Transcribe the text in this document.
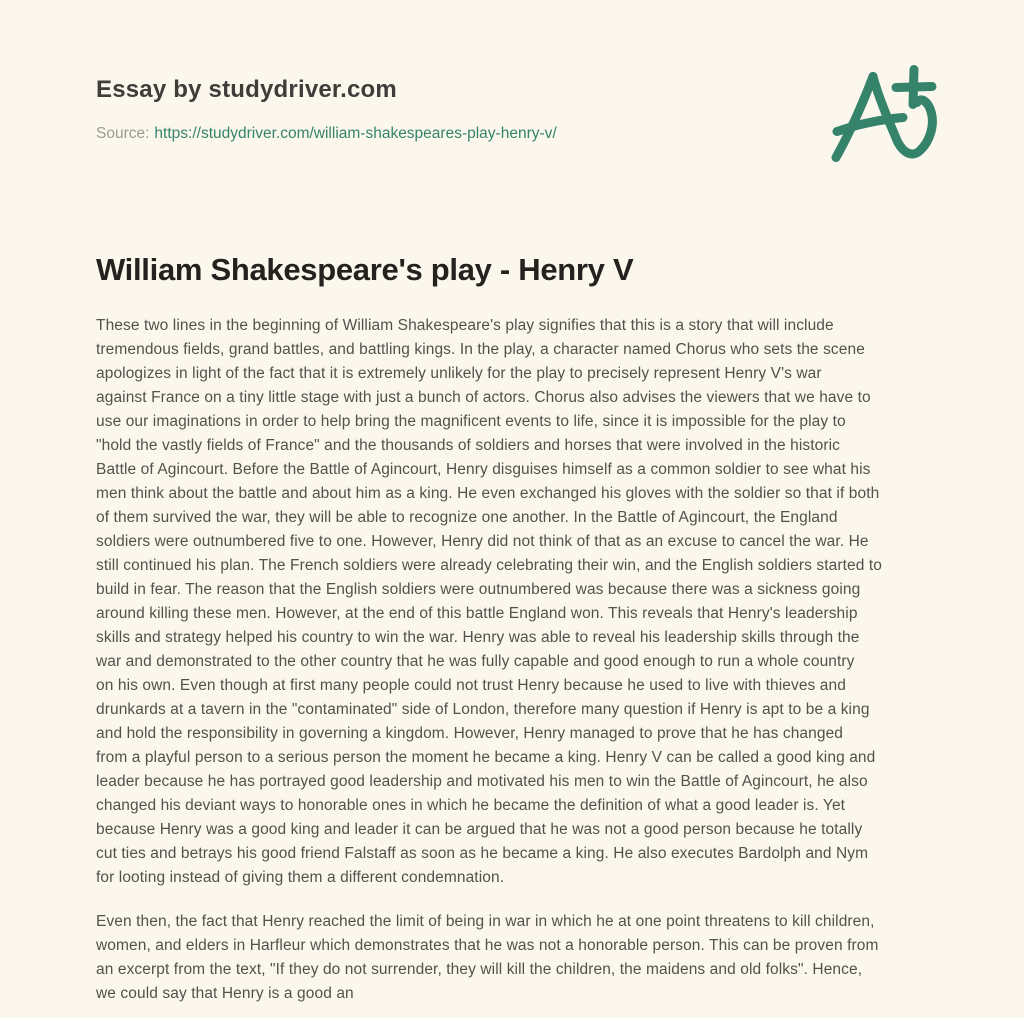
Essay by studydriver.com
Source: https://studydriver.com/william-shakespeares-play-henry-v/
William Shakespeare's play - Henry V
These two lines in the beginning of William Shakespeare's play signifies that this is a story that will include
tremendous fields, grand battles, and battling kings. In the play, a character named Chorus who sets the scene
apologizes in light of the fact that it is extremely unlikely for the play to precisely represent Henry V's war
against France on a tiny little stage with just a bunch of actors. Chorus also advises the viewers that we have to
use our imaginations in order to help bring the magnificent events to life, since it is impossible for the play to
"hold the vastly fields of France" and the thousands of soldiers and horses that were involved in the historic
Battle of Agincourt. Before the Battle of Agincourt, Henry disguises himself as a common soldier to see what his
men think about the battle and about him as a king. He even exchanged his gloves with the soldier so that if both
of them survived the war, they will be able to recognize one another. In the Battle of Agincourt, the England
soldiers were outnumbered five to one. However, Henry did not think of that as an excuse to cancel the war. He
still continued his plan. The French soldiers were already celebrating their win, and the English soldiers started to
build in fear. The reason that the English soldiers were outnumbered was because there was a sickness going
around killing these men. However, at the end of this battle England won. This reveals that Henry's leadership
skills and strategy helped his country to win the war. Henry was able to reveal his leadership skills through the
war and demonstrated to the other country that he was fully capable and good enough to run a whole country
on his own. Even though at first many people could not trust Henry because he used to live with thieves and
drunkards at a tavern in the "contaminated" side of London, therefore many question if Henry is apt to be a king
and hold the responsibility in governing a kingdom. However, Henry managed to prove that he has changed
from a playful person to a serious person the moment he became a king. Henry V can be called a good king and
leader because he has portrayed good leadership and motivated his men to win the Battle of Agincourt, he also
changed his deviant ways to honorable ones in which he became the definition of what a good leader is. Yet
because Henry was a good king and leader it can be argued that he was not a good person because he totally
cut ties and betrays his good friend Falstaff as soon as he became a king. He also executes Bardolph and Nym
for looting instead of giving them a different condemnation.
Even then, the fact that Henry reached the limit of being in war in which he at one point threatens to kill children,
women, and elders in Harfleur which demonstrates that he was not a honorable person. This can be proven from
an excerpt from the text, "If they do not surrender, they will kill the children, the maidens and old folks". Hence,
we could say that Henry is a good an
